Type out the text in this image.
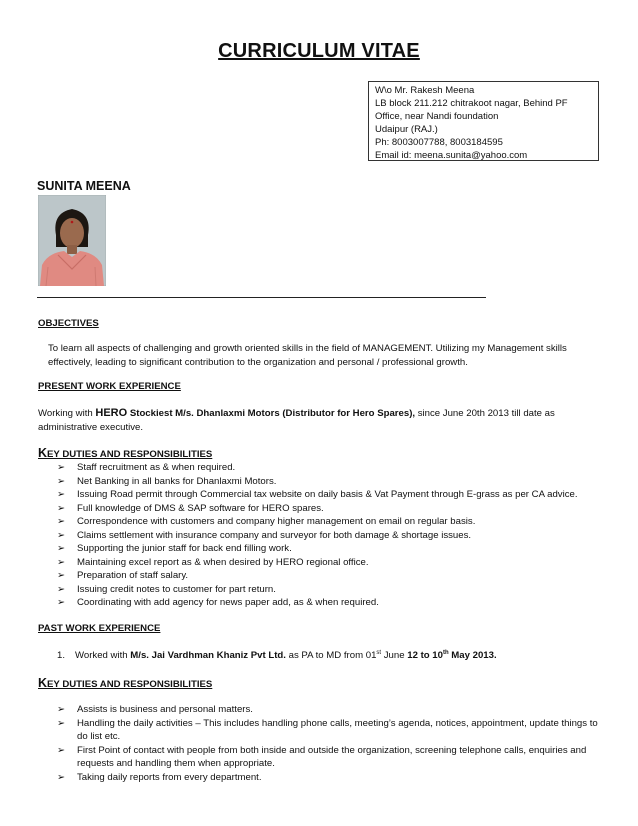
CURRICULUM VITAE
W\o Mr. Rakesh Meena
LB block 211.212 chitrakoot nagar, Behind PF
Office, near Nandi foundation
Udaipur (RAJ.)
Ph: 8003007788, 8003184595
Email id: meena.sunita@yahoo.com
SUNITA MEENA
OBJECTIVES
To learn all aspects of challenging and growth oriented skills in the field of MANAGEMENT. Utilizing my Management skills effectively, leading to significant contribution to the organization and personal / professional growth.
PRESENT WORK EXPERIENCE
Working with HERO Stockiest M/s. Dhanlaxmi Motors (Distributor for Hero Spares), since June 20th 2013 till date as administrative executive.
KEY DUTIES AND RESPONSIBILITIES
➢ Staff recruitment as & when required.
➢ Net Banking in all banks for Dhanlaxmi Motors.
➢ Issuing Road permit through Commercial tax website on daily basis & Vat Payment through E-grass as per CA advice.
➢ Full knowledge of DMS & SAP software for HERO spares.
➢ Correspondence with customers and company higher management on email on regular basis.
➢ Claims settlement with insurance company and surveyor for both damage & shortage issues.
➢ Supporting the junior staff for back end filling work.
➢ Maintaining excel report as & when desired by HERO regional office.
➢ Preparation of staff salary.
➢ Issuing credit notes to customer for part return.
➢ Coordinating with add agency for news paper add, as & when required.
PAST WORK EXPERIENCE
1. Worked with M/s. Jai Vardhman Khaniz Pvt Ltd. as PA to MD from 01st June 12 to 10th May 2013.
KEY DUTIES AND RESPONSIBILITIES
➢ Assists is business and personal matters.
➢ Handling the daily activities – This includes handling phone calls, meeting’s agenda, notices, appointment, update things to do list etc.
➢ First Point of contact with people from both inside and outside the organization, screening telephone calls, enquiries and requests and handling them when appropriate.
➢ Taking daily reports from every department.
